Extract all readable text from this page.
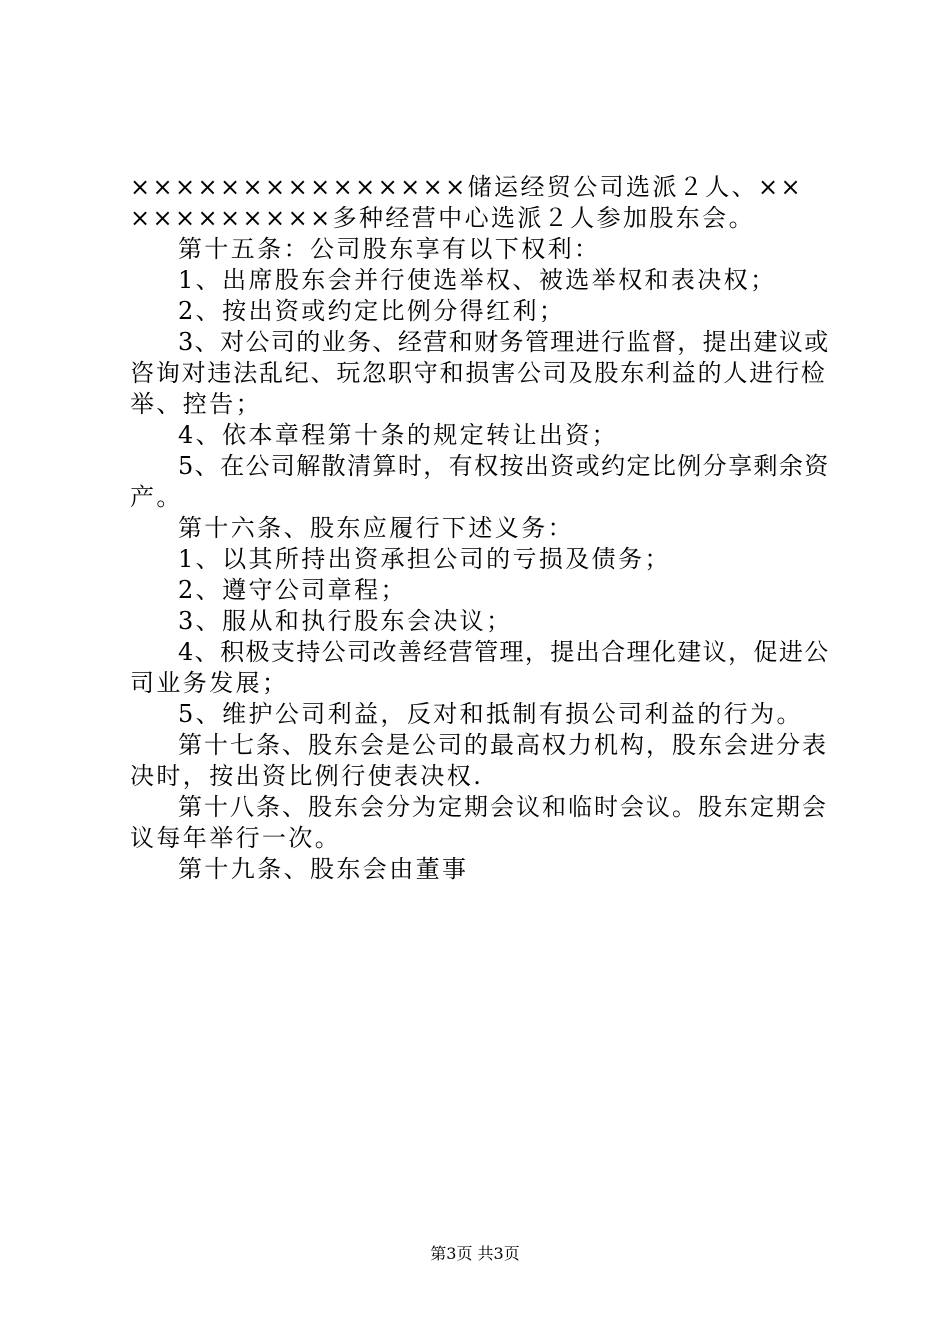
×××××××××××××××储运经贸公司选派２人、××
×××××××××多种经营中心选派２人参加股东会。
第十五条：公司股东享有以下权利：
1、出席股东会并行使选举权、被选举权和表决权；
2、按出资或约定比例分得红利；
3、对公司的业务、经营和财务管理进行监督，提出建议或
咨询对违法乱纪、玩忽职守和损害公司及股东利益的人进行检
举、控告；
4、依本章程第十条的规定转让出资；
5、在公司解散清算时，有权按出资或约定比例分享剩余资
产。
第十六条、股东应履行下述义务：
1、以其所持出资承担公司的亏损及债务；
2、遵守公司章程；
3、服从和执行股东会决议；
4、积极支持公司改善经营管理，提出合理化建议，促进公
司业务发展；
5、维护公司利益，反对和抵制有损公司利益的行为。
第十七条、股东会是公司的最高权力机构，股东会进分表
决时，按出资比例行使表决权.
第十八条、股东会分为定期会议和临时会议。股东定期会
议每年举行一次。
第十九条、股东会由董事
第3页 共3页
